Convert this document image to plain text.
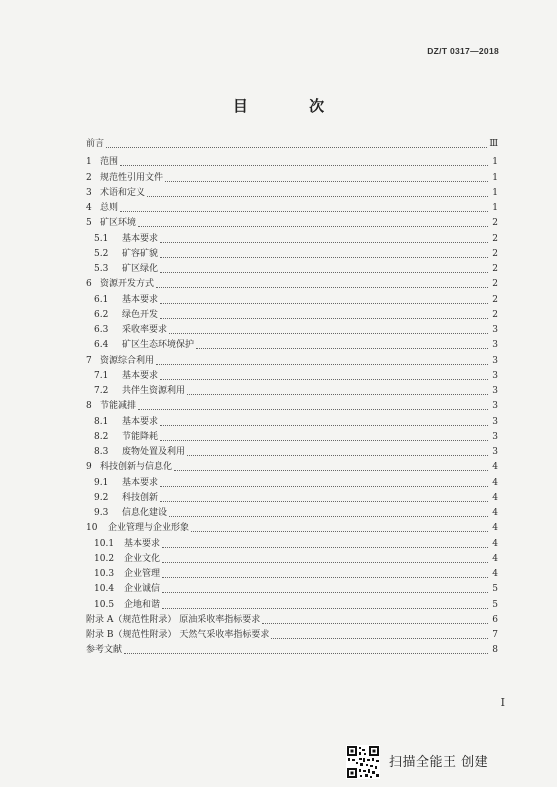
DZ/T 0317—2018
目 次
前言	Ⅲ
1 范围	1
2 规范性引用文件	1
3 术语和定义	1
4 总则	1
5 矿区环境	2
5.1	基本要求	2
5.2	矿容矿貌	2
5.3	矿区绿化	2
6 资源开发方式	2
6.1	基本要求	2
6.2	绿色开发	2
6.3	采收率要求	3
6.4	矿区生态环境保护	3
7 资源综合利用	3
7.1	基本要求	3
7.2	共伴生资源利用	3
8 节能减排	3
8.1	基本要求	3
8.2	节能降耗	3
8.3	废物处置及利用	3
9 科技创新与信息化	4
9.1	基本要求	4
9.2	科技创新	4
9.3	信息化建设	4
10	企业管理与企业形象	4
10.1	基本要求	4
10.2	企业文化	4
10.3	企业管理	4
10.4	企业诚信	5
10.5	企地和谐	5
附录 A（规范性附录） 原油采收率指标要求	6
附录 B（规范性附录） 天然气采收率指标要求	7
参考文献	8
Ⅰ
扫描全能王 创建
